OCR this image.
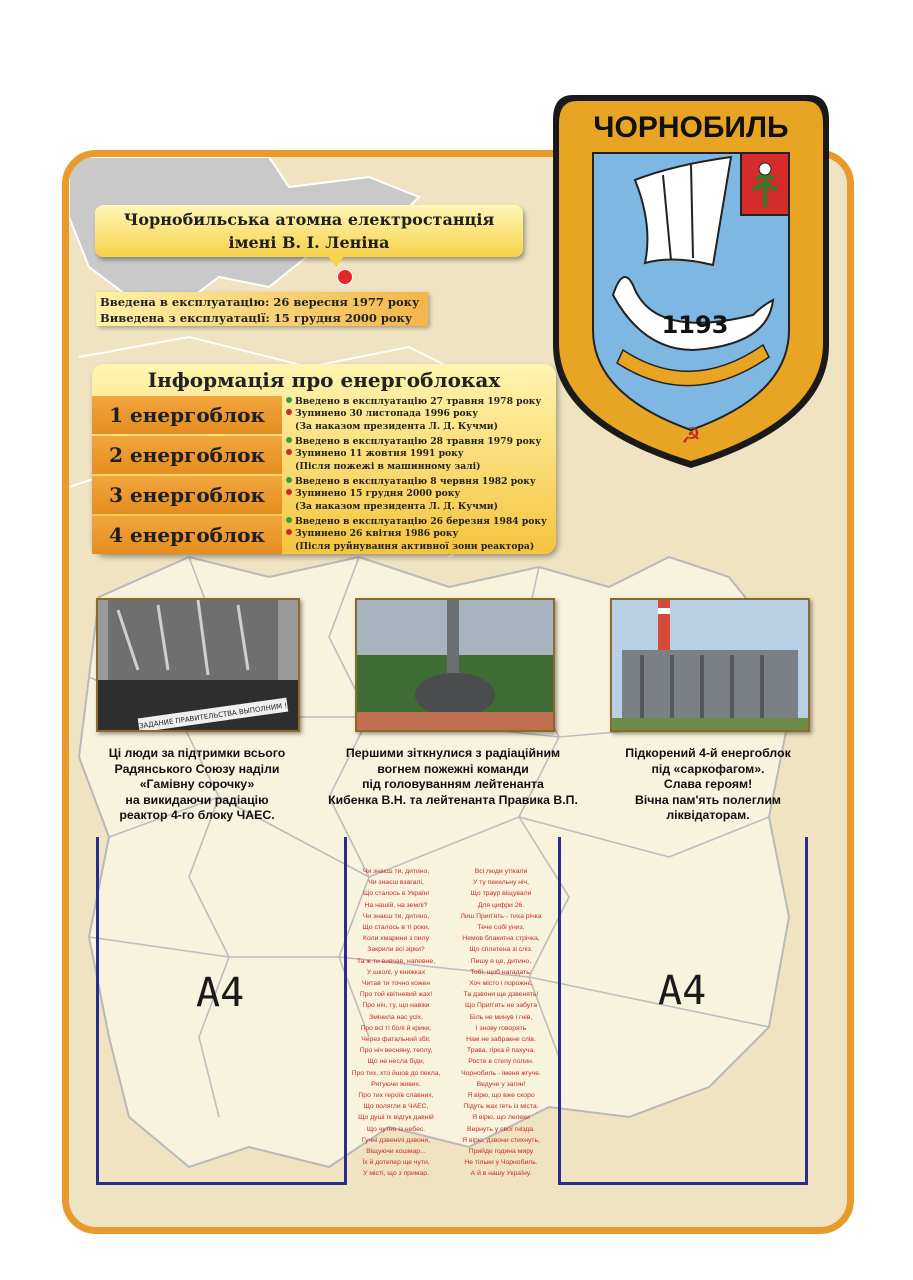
Чорнобильська атомна електростанція
імені В. І. Леніна
Введена в експлуатацію: 26 вересня 1977 року
Виведена з експлуатації: 15 грудня 2000 року
Інформація про енергоблоках
1 енергоблок
Введено в експлуатацію 27 травня 1978 року
Зупинено 30 листопада 1996 року
(За наказом президента Л. Д. Кучми)
2 енергоблок
Введено в експлуатацію 28 травня 1979 року
Зупинено 11 жовтня 1991 року
(Після пожежі в машинному залі)
3 енергоблок
Введено в експлуатацію 8 червня 1982 року
Зупинено 15 грудня 2000 року
(За наказом президента Л. Д. Кучми)
4 енергоблок
Введено в експлуатацію 26 березня 1984 року
Зупинено 26 квітня 1986 року
(Після руйнування активної зони реактора)
ЧОРНОБИЛЬ
1193
☭
ЗАДАНИЕ ПРАВИТЕЛЬСТВА ВЫПОЛНИМ !
Ці люди за підтримки всього
Радянського Союзу наділи
«Гамівну сорочку»
на викидаючи радіацію
реактор 4-го блоку ЧАЕС.
Першими зіткнулися з радіаційним
вогнем пожежні команди
під головуванням лейтенанта
Кибенка В.Н. та лейтенанта Правика В.П.
Підкорений 4-й енергоблок
під «саркофагом».
Слава героям!
Вічна пам'ять полеглим
ліквідаторам.
А4	А4
Чи знаєш ти, дитино,
Чи знаєш взагалі,
Що сталось в Україні
На нашій, на землі?
Чи знаєш ти, дитино,
Що сталось в ті роки,
Коли хмарини з пилу
Закрили всі зірки?
Та ж ти вивчав, напевне,
У школі, у книжках
Читав ти точно кожен
Про той квітневий жах!
Про ніч, ту, що навіки
Змінила нас усіх,
Про всі ті болі й крики,
Через фатальний збіг.
Про ніч весняну, теплу,
Що не несла біди,
Про тих, хто йшов до пекла,
Рятуючи живих.
Про тих героїв славних,
Що полягли в ЧАЕС,
Що душі їх відгук давній
Що чутно із небес.
Гучні дзвенілі дзвони,
Віщуючи кошмар...
Їх й дотепер ще чути,
У місті, що з примар.
Всі люди утікали
У ту пекельну ніч,
Що траур віщували
Для цифри 26.
Лиш Прип'ять - тиха річка
Тече собі униз,
Немов блакитна стрічка,
Що сплетена зі сліз.
Пишу я це, дитино,
Тобі, щоб нагадать:
Хоч місто і порожнє,
Та дзвони ще дзвенять!
Що Прип'ять не забута
Біль не минув і гнів,
І знову говорять
Нам не забракне слів.
Трава, гірка й пахуча,
Росте в степу полин.
Чорнобиль - іменя жгуче.
Ведуче у загин!
Я вірю, що вже скоро
Підуть жах геть із міста.
Я вірю, що лелеки
Вернуть у свої гнізда.
Я вірю, дзвони стихнуть,
Прийде година миру
Не тільки у Чорнобиль.
А й в нашу Україну.
